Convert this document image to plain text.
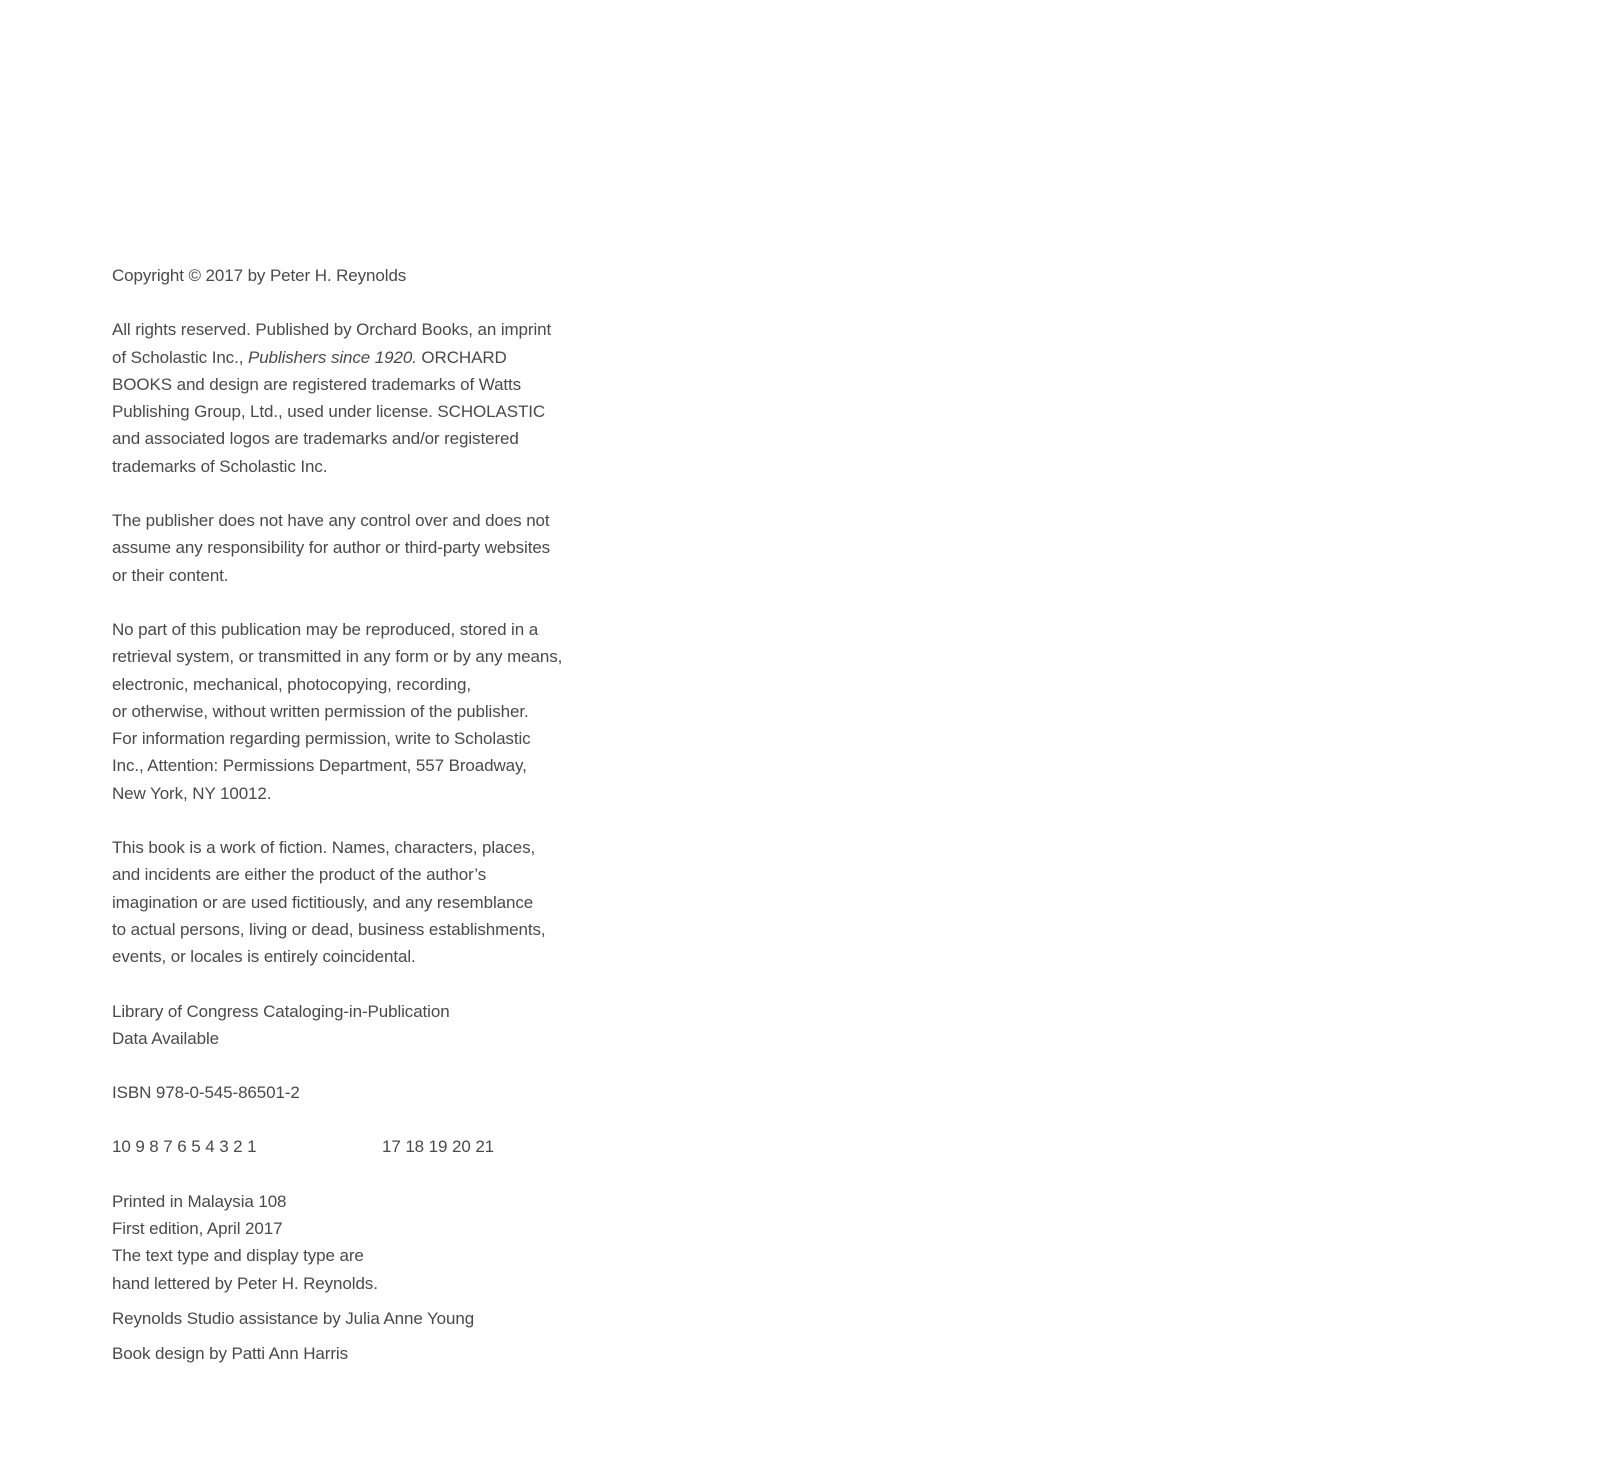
Copyright © 2017 by Peter H. Reynolds

All rights reserved. Published by Orchard Books, an imprint
of Scholastic Inc., Publishers since 1920. ORCHARD
BOOKS and design are registered trademarks of Watts
Publishing Group, Ltd., used under license. SCHOLASTIC
and associated logos are trademarks and/or registered
trademarks of Scholastic Inc.

The publisher does not have any control over and does not
assume any responsibility for author or third-party websites
or their content.

No part of this publication may be reproduced, stored in a
retrieval system, or transmitted in any form or by any means,
electronic, mechanical, photocopying, recording,
or otherwise, without written permission of the publisher.
For information regarding permission, write to Scholastic
Inc., Attention: Permissions Department, 557 Broadway,
New York, NY 10012.

This book is a work of fiction. Names, characters, places,
and incidents are either the product of the author’s
imagination or are used fictitiously, and any resemblance
to actual persons, living or dead, business establishments,
events, or locales is entirely coincidental.

Library of Congress Cataloging-in-Publication
Data Available

ISBN 978-0-545-86501-2

10 9 8 7 6 5 4 3 2 1	17 18 19 20 21

Printed in Malaysia 108
First edition, April 2017
The text type and display type are
hand lettered by Peter H. Reynolds.

Reynolds Studio assistance by Julia Anne Young

Book design by Patti Ann Harris
